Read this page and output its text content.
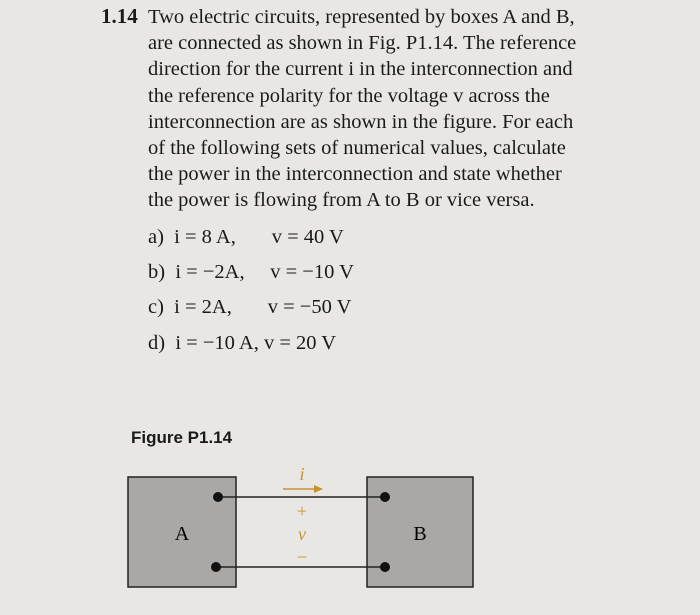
1.14 Two electric circuits, represented by boxes A and B,
are connected as shown in Fig. P1.14. The reference
direction for the current i in the interconnection and
the reference polarity for the voltage v across the
interconnection are as shown in the figure. For each
of the following sets of numerical values, calculate
the power in the interconnection and state whether
the power is flowing from A to B or vice versa.
a)  i = 8 A,       v = 40 V
b)  i = −2A,     v = −10 V
c)  i = 2A,       v = −50 V
d)  i = −10 A, v = 20 V
Figure P1.14
A	B
i
+
v
−
